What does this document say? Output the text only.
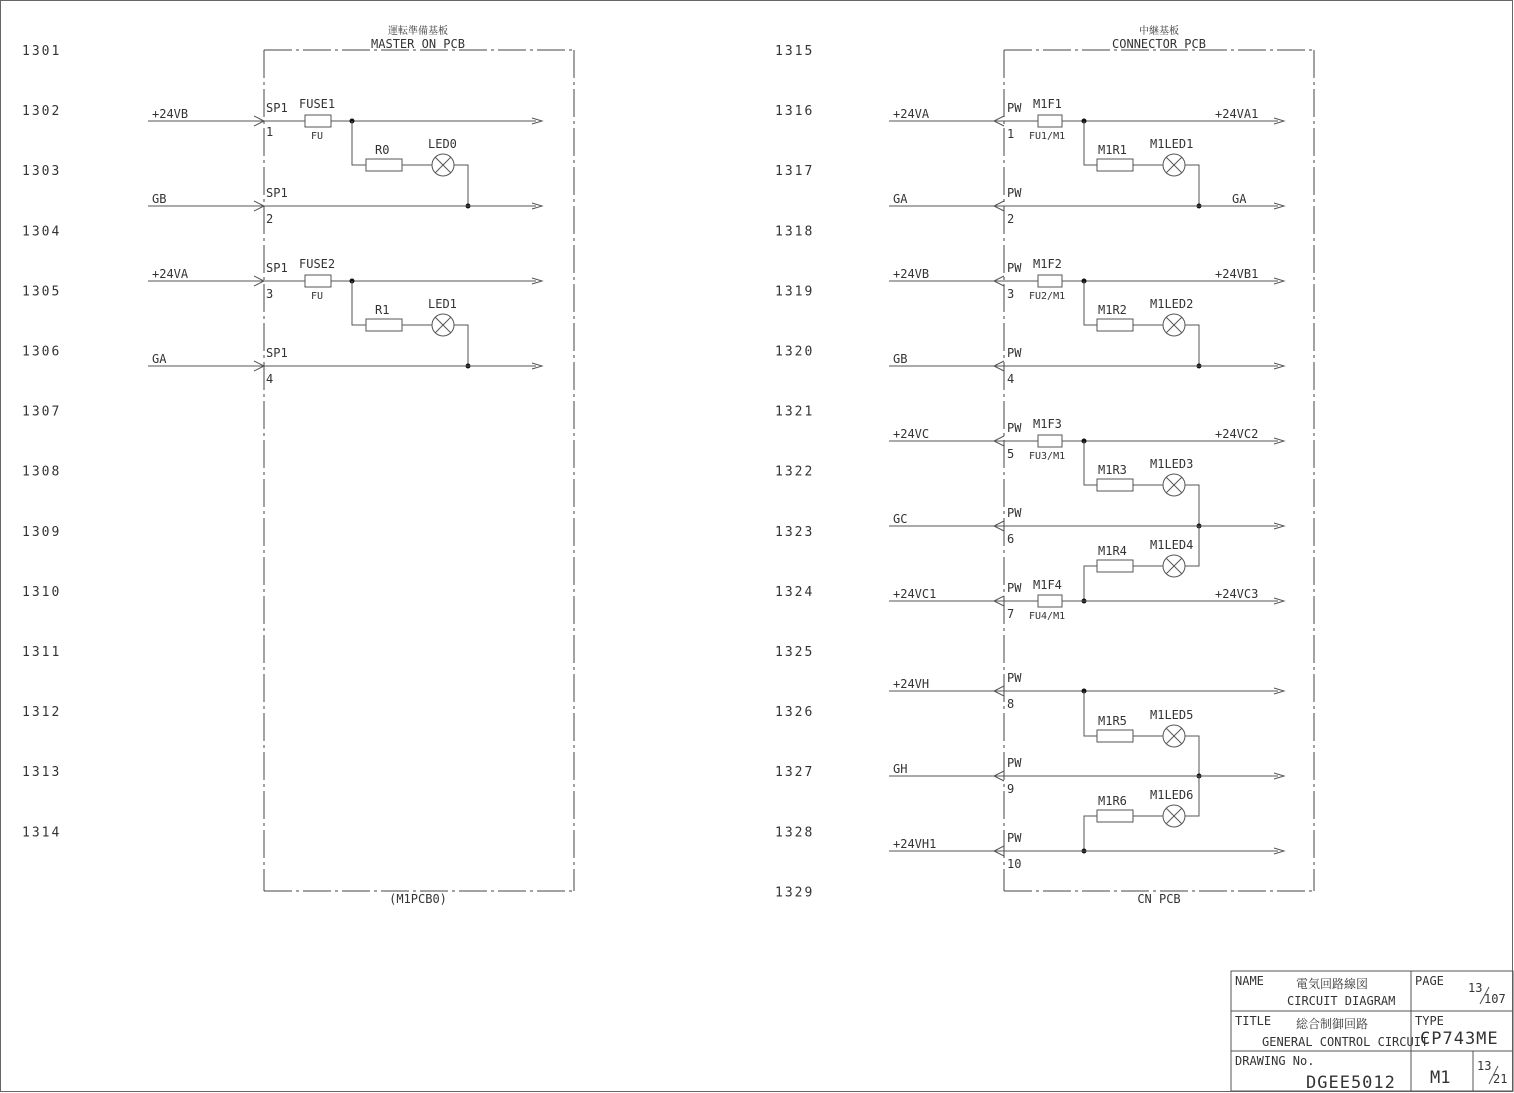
1301
1302
1303
1304
1305
1306
1307
1308
1309
1310
1311
1312
1313
1314
1315
1316
1317
1318
1319
1320
1321
1322
1323
1324
1325
1326
1327
1328
1329
運転準備基板
MASTER ON PCB
(M1PCB0)
+24VB	SP1
1
GB	SP1
2
+24VA	SP1
3
GA	SP1
4
FUSE1
FU
R0	LED0
FUSE2
FU
R1	LED1
中継基板
CONNECTOR PCB
CN PCB
+24VA	PW
1
GA	PW
2
+24VB	PW
3
GB	PW
4
+24VC	PW
5
GC	PW
6
+24VC1	PW
7
+24VH	PW
8
GH	PW
9
+24VH1	PW
10
M1F1
FU1/M1
+24VA1
M1R1 M1LED1
GA
M1F2
FU2/M1
+24VB1
M1R2 M1LED2
M1F3
FU3/M1
+24VC2
M1R3 M1LED3
M1LED4
M1R4
M1F4
FU4/M1
+24VC3
M1R5 M1LED5
M1LED6
M1R6
NAME	電気回路線図
CIRCUIT DIAGRAM
TITLE 総合制御回路
GENERAL CONTROL CIRCUIT
DRAWING No.
DGEE5012
PAGE 13
107
TYPE
CP743ME
M1
13
21
